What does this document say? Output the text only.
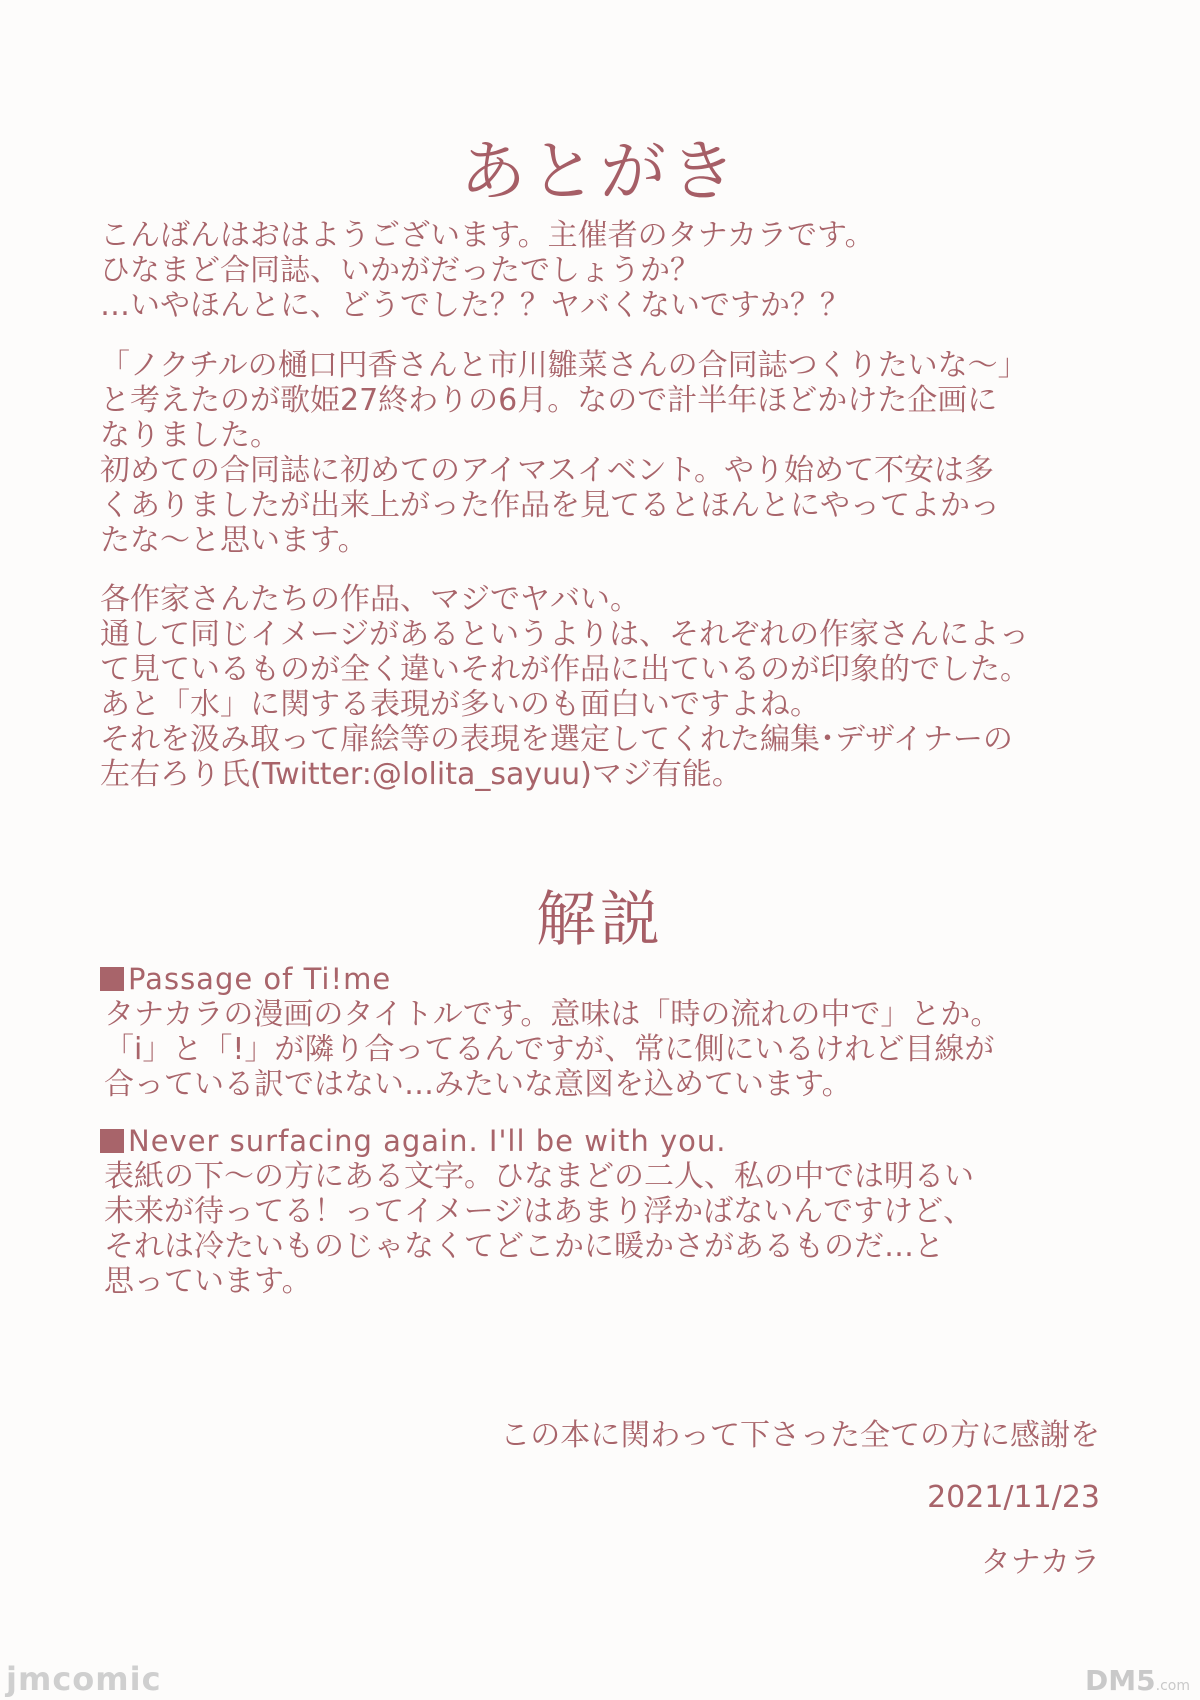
あとがき
こんばんはおはようございます。主催者のタナカラです。
ひなまど合同誌、いかがだったでしょうか？
…いやほんとに、どうでした？？ヤバくないですか？？
「ノクチルの樋口円香さんと市川雛菜さんの合同誌つくりたいな〜」
と考えたのが歌姫27終わりの6月。なので計半年ほどかけた企画に
なりました。
初めての合同誌に初めてのアイマスイベント。やり始めて不安は多
くありましたが出来上がった作品を見てるとほんとにやってよかっ
たな〜と思います。
各作家さんたちの作品、マジでヤバい。
通して同じイメージがあるというよりは、それぞれの作家さんによっ
て見ているものが全く違いそれが作品に出ているのが印象的でした。
あと「水」に関する表現が多いのも面白いですよね。
それを汲み取って扉絵等の表現を選定してくれた編集･デザイナーの
左右ろり氏(Twitter:@lolita_sayuu)マジ有能。
解説
Passage of Ti!me
タナカラの漫画のタイトルです。意味は「時の流れの中で」とか。
「i」と「!」が隣り合ってるんですが、常に側にいるけれど目線が
合っている訳ではない…みたいな意図を込めています。
Never surfacing again. I'll be with you.
表紙の下〜の方にある文字。ひなまどの二人、私の中では明るい
未来が待ってる！ってイメージはあまり浮かばないんですけど、
それは冷たいものじゃなくてどこかに暖かさがあるものだ…と
思っています。
この本に関わって下さった全ての方に感謝を
2021/11/23
タナカラ
jmcomic	DM5.com
